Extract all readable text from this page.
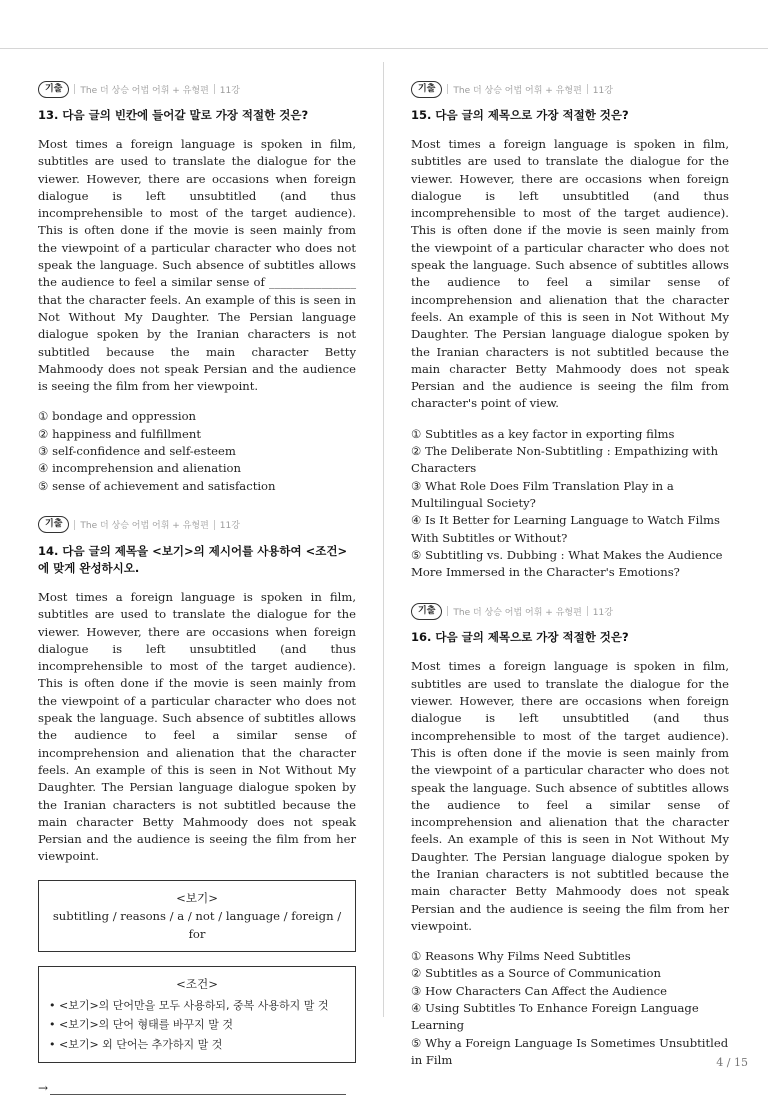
기출	The 더 상승 어법 어휘 + 유형편 11강
13. 다음 글의 빈칸에 들어갈 말로 가장 적절한 것은?

Most times a foreign language is spoken in film, subtitles are used to translate the dialogue for the viewer. However, there are occasions when foreign dialogue is left unsubtitled (and thus incomprehensible to most of the target audience). This is often done if the movie is seen mainly from the viewpoint of a particular character who does not speak the language. Such absence of subtitles allows the audience to feel a similar sense of _______________ that the character feels. An example of this is seen in Not Without My Daughter. The Persian language dialogue spoken by the Iranian characters is not subtitled because the main character Betty Mahmoody does not speak Persian and the audience is seeing the film from her viewpoint.

① bondage and oppression
② happiness and fulfillment
③ self-confidence and self-esteem
④ incomprehension and alienation
⑤ sense of achievement and satisfaction
기출	The 더 상승 어법 어휘 + 유형편 11강
14. 다음 글의 제목을 <보기>의 제시어를 사용하여 <조건>에 맞게 완성하시오.

Most times a foreign language is spoken in film, subtitles are used to translate the dialogue for the viewer. However, there are occasions when foreign dialogue is left unsubtitled (and thus incomprehensible to most of the target audience). This is often done if the movie is seen mainly from the viewpoint of a particular character who does not speak the language. Such absence of subtitles allows the audience to feel a similar sense of incomprehension and alienation that the character feels. An example of this is seen in Not Without My Daughter. The Persian language dialogue spoken by the Iranian characters is not subtitled because the main character Betty Mahmoody does not speak Persian and the audience is seeing the film from her viewpoint.

<보기>
subtitling / reasons / a / not / language / foreign / for
<조건>
• <보기>의 단어만을 모두 사용하되, 중복 사용하지 말 것
• <보기>의 단어 형태를 바꾸지 말 것
• <보기> 외 단어는 추가하지 말 것
→
기출	The 더 상승 어법 어휘 + 유형편 11강
15. 다음 글의 제목으로 가장 적절한 것은?

Most times a foreign language is spoken in film, subtitles are used to translate the dialogue for the viewer. However, there are occasions when foreign dialogue is left unsubtitled (and thus incomprehensible to most of the target audience). This is often done if the movie is seen mainly from the viewpoint of a particular character who does not speak the language. Such absence of subtitles allows the audience to feel a similar sense of incomprehension and alienation that the character feels. An example of this is seen in Not Without My Daughter. The Persian language dialogue spoken by the Iranian characters is not subtitled because the main character Betty Mahmoody does not speak Persian and the audience is seeing the film from character's point of view.

① Subtitles as a key factor in exporting films
② The Deliberate Non-Subtitling : Empathizing with Characters
③ What Role Does Film Translation Play in a Multilingual Society?
④ Is It Better for Learning Language to Watch Films With Subtitles or Without?
⑤ Subtitling vs. Dubbing : What Makes the Audience More Immersed in the Character's Emotions?
기출	The 더 상승 어법 어휘 + 유형편 11강
16. 다음 글의 제목으로 가장 적절한 것은?

Most times a foreign language is spoken in film, subtitles are used to translate the dialogue for the viewer. However, there are occasions when foreign dialogue is left unsubtitled (and thus incomprehensible to most of the target audience). This is often done if the movie is seen mainly from the viewpoint of a particular character who does not speak the language. Such absence of subtitles allows the audience to feel a similar sense of incomprehension and alienation that the character feels. An example of this is seen in Not Without My Daughter. The Persian language dialogue spoken by the Iranian characters is not subtitled because the main character Betty Mahmoody does not speak Persian and the audience is seeing the film from her viewpoint.

① Reasons Why Films Need Subtitles
② Subtitles as a Source of Communication
③ How Characters Can Affect the Audience
④ Using Subtitles To Enhance Foreign Language Learning
⑤ Why a Foreign Language Is Sometimes Unsubtitled in Film	4 / 15
